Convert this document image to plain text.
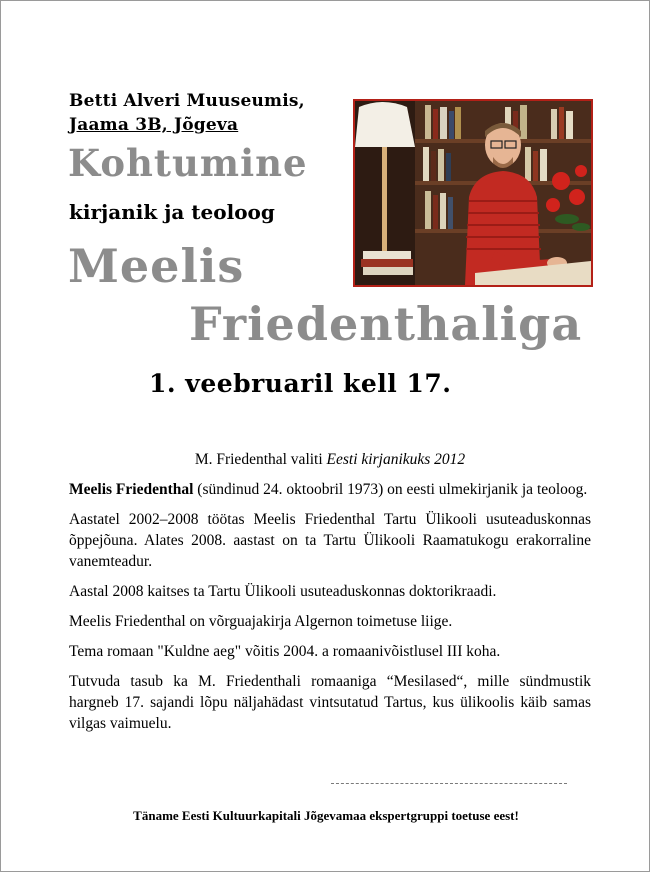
Betti Alveri Muuseumis,
Jaama 3B, Jõgeva
Kohtumine
kirjanik ja teoloog
Meelis
Friedenthaliga
1. veebruaril kell 17.

M. Friedenthal valiti Eesti kirjanikuks 2012

Meelis Friedenthal (sündinud 24. oktoobril 1973) on eesti ulmekirjanik ja teoloog.

Aastatel 2002–2008 töötas Meelis Friedenthal Tartu Ülikooli usuteaduskonnas õppejõuna. Alates 2008. aastast on ta Tartu Ülikooli Raamatukogu erakorraline vanemteadur.

Aastal 2008 kaitses ta Tartu Ülikooli usuteaduskonnas doktorikraadi.

Meelis Friedenthal on võrguajakirja Algernon toimetuse liige.

Tema romaan "Kuldne aeg" võitis 2004. a romaanivõistlusel III koha.

Tutvuda tasub ka M. Friedenthali romaaniga “Mesilased“, mille sündmustik hargneb 17. sajandi lõpu näljahädast vintsutatud Tartus, kus ülikoolis käib samas vilgas vaimuelu.

Täname Eesti Kultuurkapitali Jõgevamaa ekspertgruppi toetuse eest!
